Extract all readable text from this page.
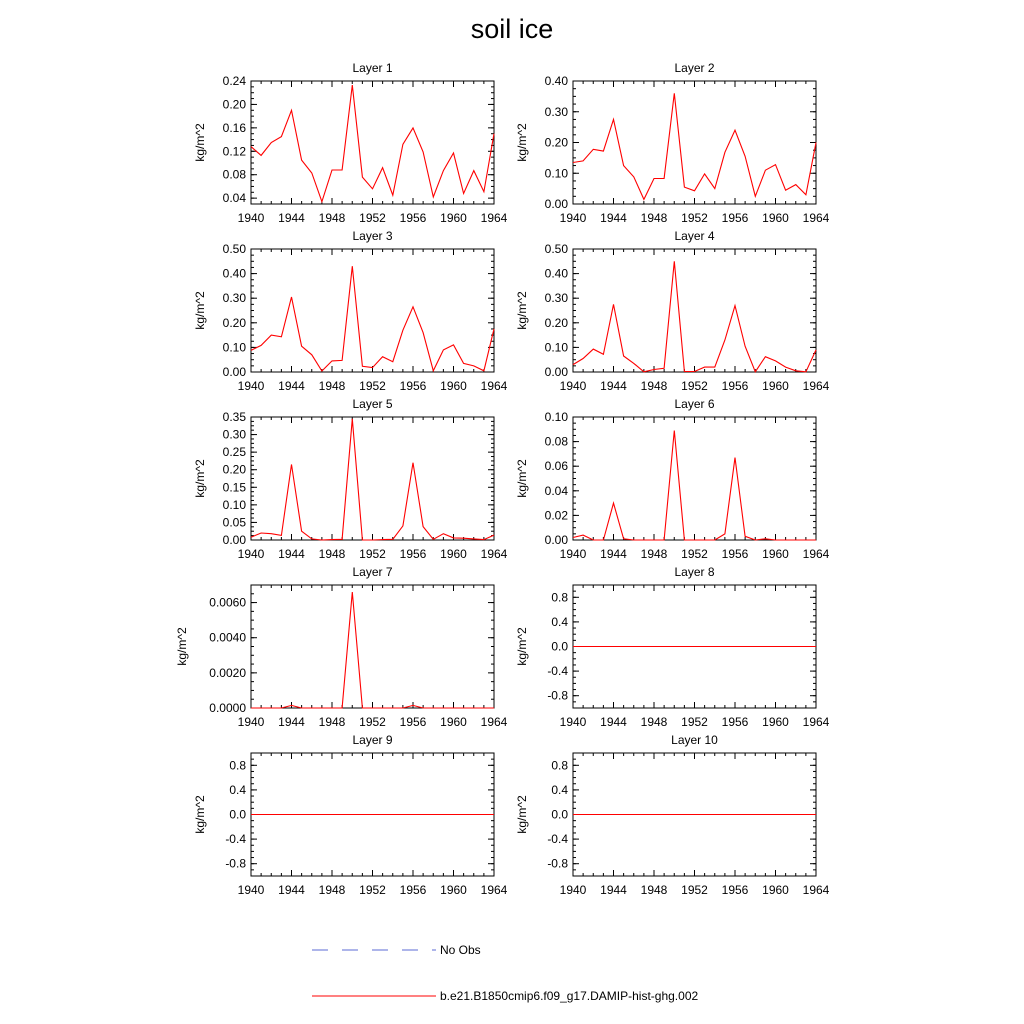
soil ice
1940 1944 1948 1952 1956 1960 1964
0.04
0.08
0.12
0.16
0.20
0.24
kg/m^2
Layer 1
1940 1944 1948 1952 1956 1960 1964
0.00
0.10
0.20
0.30
0.40
kg/m^2
Layer 2
1940 1944 1948 1952 1956 1960 1964
0.00
0.10
0.20
0.30
0.40
0.50
kg/m^2
Layer 3
1940 1944 1948 1952 1956 1960 1964
0.00
0.10
0.20
0.30
0.40
0.50
kg/m^2
Layer 4
1940 1944 1948 1952 1956 1960 1964
0.00
0.05
0.10
0.15
0.20
0.25
0.30
0.35
kg/m^2
Layer 5
1940 1944 1948 1952 1956 1960 1964
0.00
0.02
0.04
0.06
0.08
0.10
kg/m^2
Layer 6
1940 1944 1948 1952 1956 1960 1964
0.0000
0.0020
0.0040
0.0060
kg/m^2
Layer 7
1940 1944 1948 1952 1956 1960 1964
-0.8
-0.4
0.0
0.4
0.8
kg/m^2
Layer 8
1940 1944 1948 1952 1956 1960 1964
-0.8
-0.4
0.0
0.4
0.8
kg/m^2
Layer 9
1940 1944 1948 1952 1956 1960 1964
-0.8
-0.4
0.0
0.4
0.8
kg/m^2
Layer 10
No Obs
b.e21.B1850cmip6.f09_g17.DAMIP-hist-ghg.002
